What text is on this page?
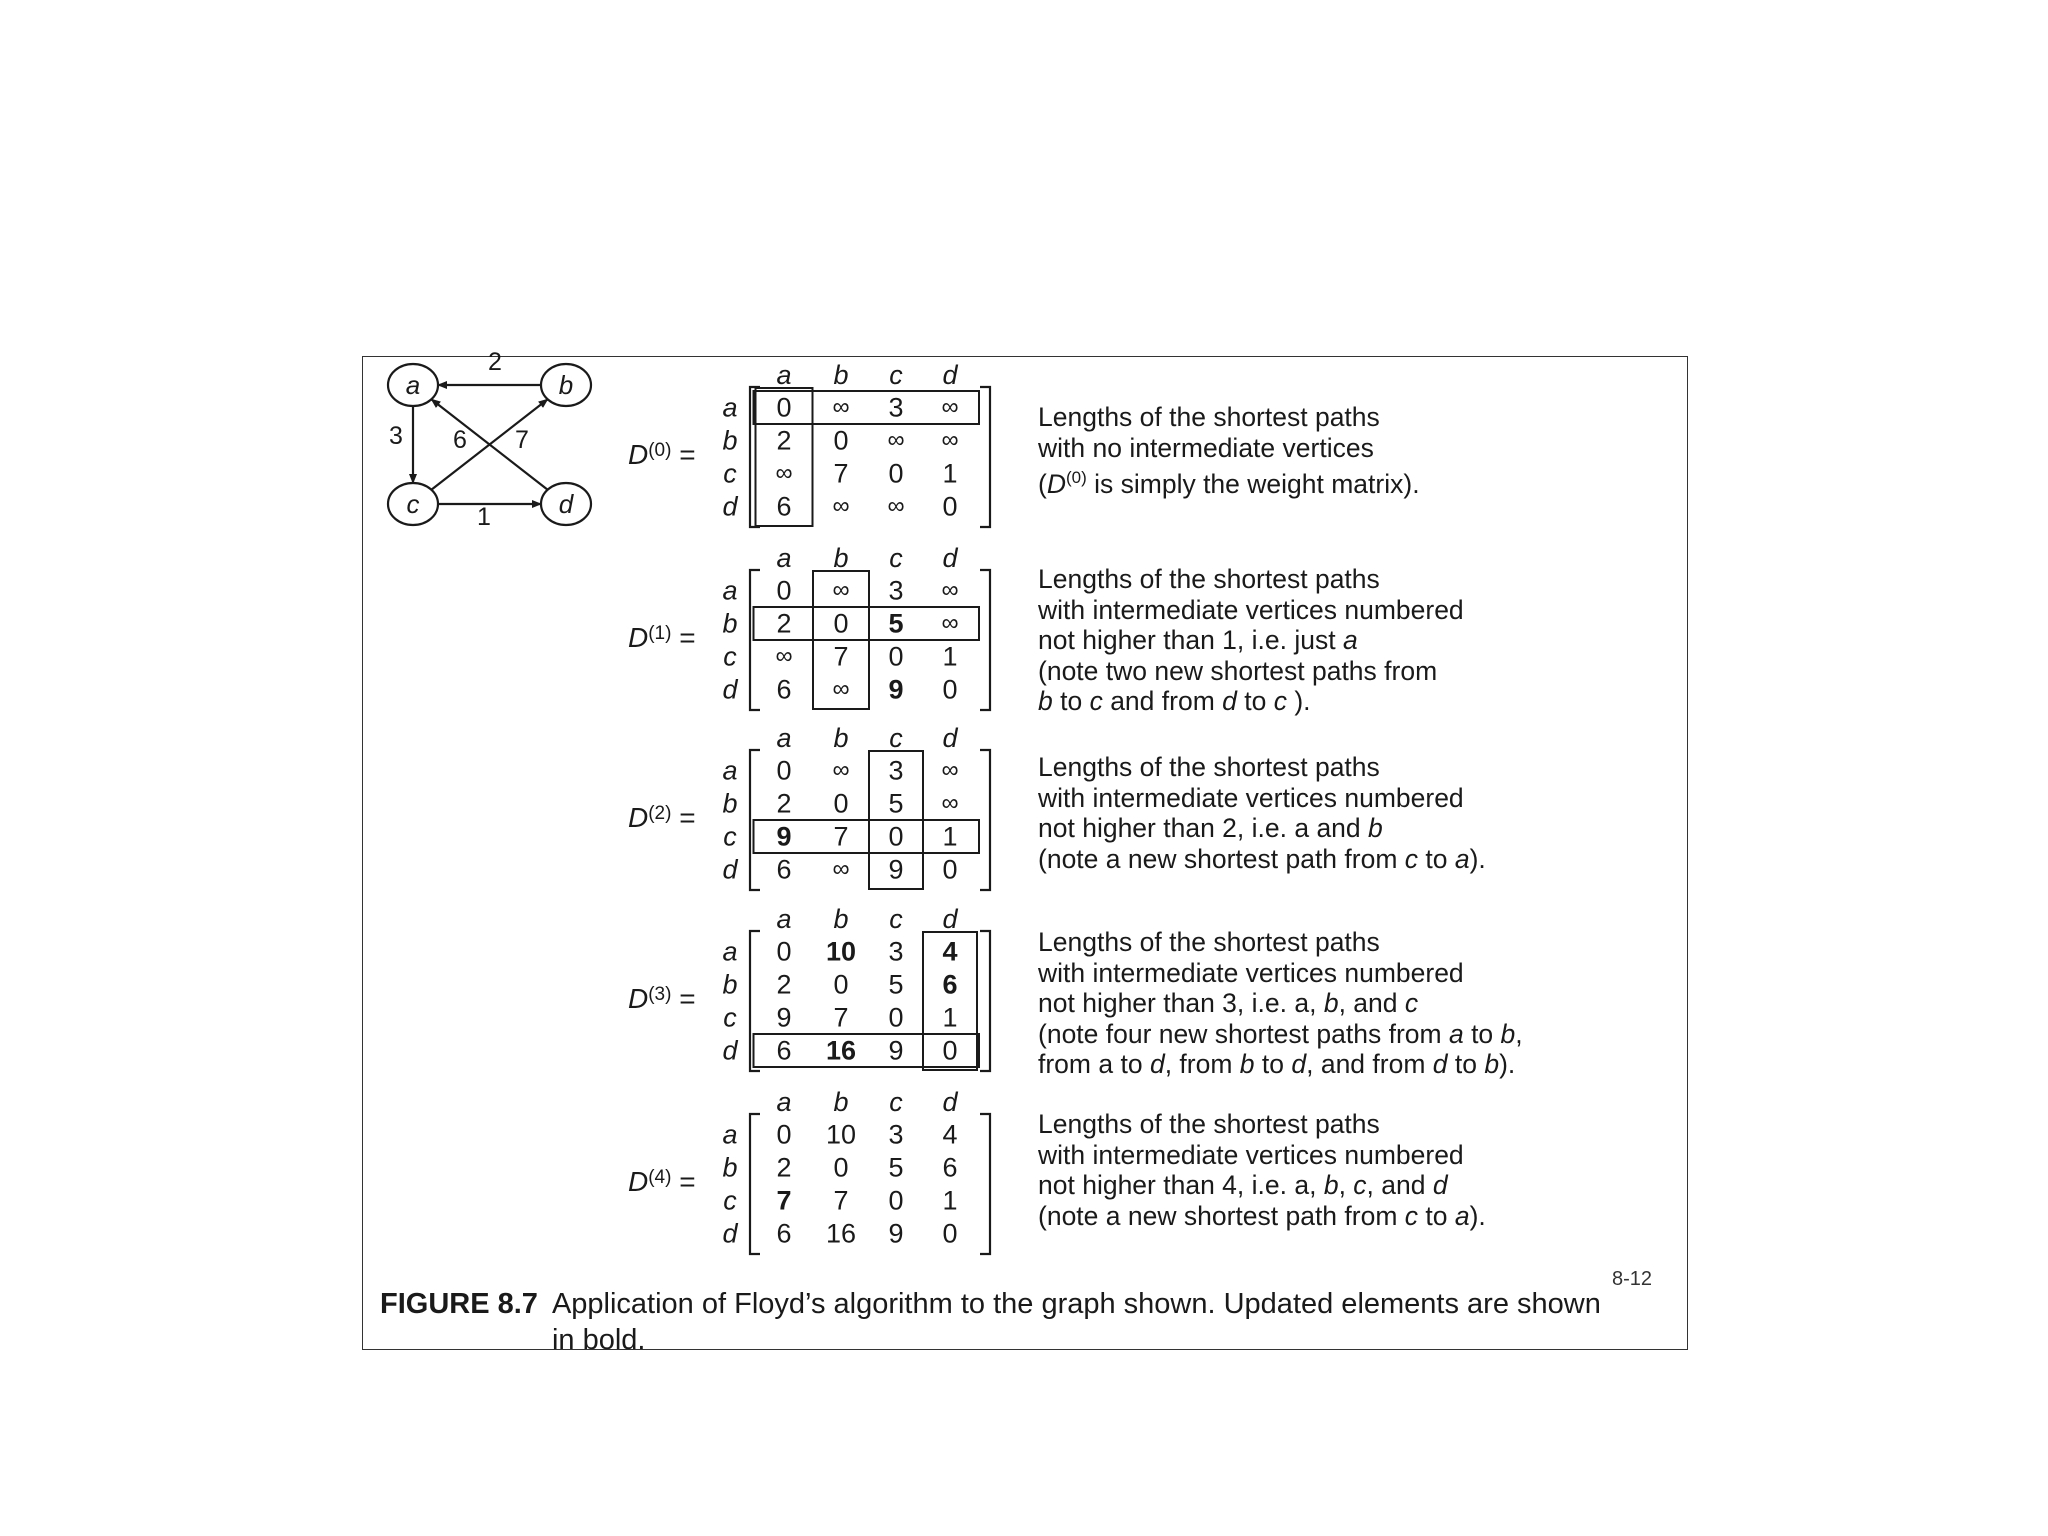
2
3	7
6
1
a	b
c	d
a b c d
a 0 ∞ 3 ∞
b 2 0 ∞ ∞
c ∞ 7 0 1
d 6 ∞ ∞ 0
a b c d
a 0 ∞ 3 ∞
b 2 0 5 ∞
c ∞ 7 0 1
d 6 ∞ 9 0
a b c d
a 0 ∞ 3 ∞
b 2 0 5 ∞
c 9 7 0 1
d 6 ∞ 9 0
a b c d
a 0 10 3 4
b 2 0 5 6
c 9 7 0 1
d 6 16 9 0
a b c d
a 0 10 3 4
b 2 0 5 6
c 7 7 0 1
d 6 16 9 0
$D^{(0)}$ =
$D^{(1)}$ =
$D^{(2)}$ =
$D^{(3)}$ =
$D^{(4)}$ =
Lengths of the shortest paths
with no intermediate vertices
($D^{(0)}$ is simply the weight matrix).
Lengths of the shortest paths
with intermediate vertices numbered
not higher than 1, i.e. just a
(note two new shortest paths from
b to c and from d to c ).
Lengths of the shortest paths
with intermediate vertices numbered
not higher than 2, i.e. a and b
(note a new shortest path from c to a).
Lengths of the shortest paths
with intermediate vertices numbered
not higher than 3, i.e. a, b, and c
(note four new shortest paths from a to b,
from a to d, from b to d, and from d to b).
Lengths of the shortest paths
with intermediate vertices numbered
not higher than 4, i.e. a, b, c, and d
(note a new shortest path from c to a).
FIGURE 8.7 Application of Floyd’s algorithm to the graph shown. Updated elements are shown in bold.
8-12
